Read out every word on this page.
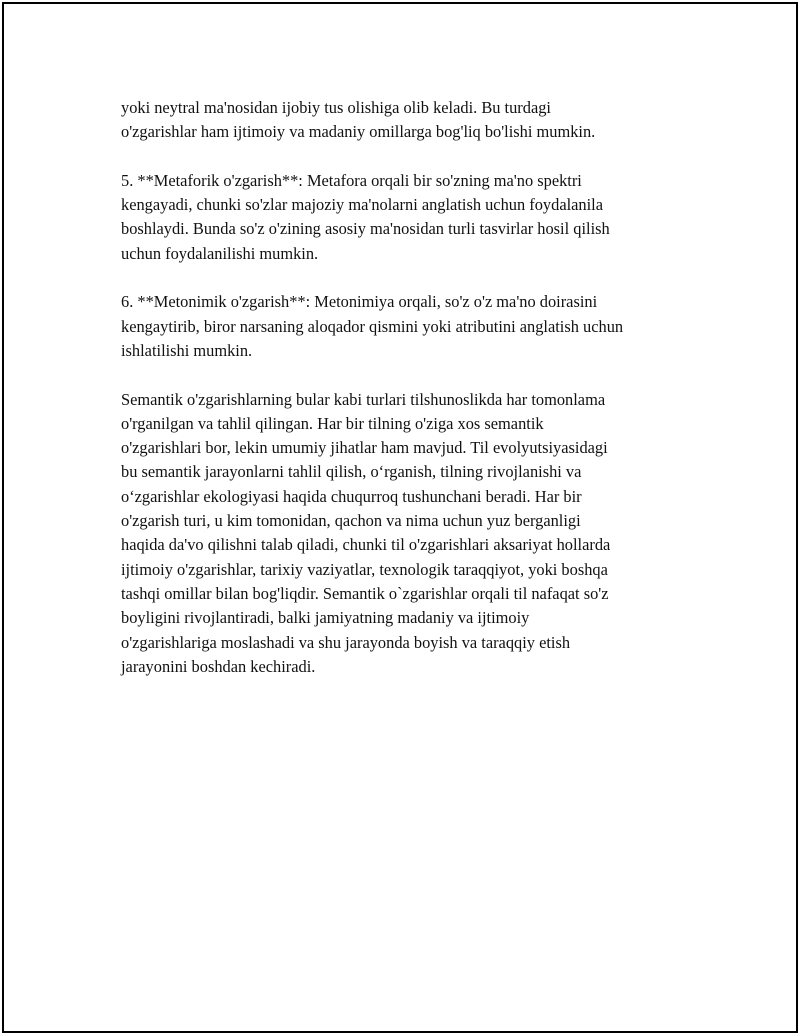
yoki neytral ma'nosidan ijobiy tus olishiga olib keladi. Bu turdagi
o'zgarishlar ham ijtimoiy va madaniy omillarga bog'liq bo'lishi mumkin.

5. **Metaforik o'zgarish**: Metafora orqali bir so'zning ma'no spektri
kengayadi, chunki so'zlar majoziy ma'nolarni anglatish uchun foydalanila
boshlaydi. Bunda so'z o'zining asosiy ma'nosidan turli tasvirlar hosil qilish
uchun foydalanilishi mumkin.

6. **Metonimik o'zgarish**: Metonimiya orqali, so'z o'z ma'no doirasini
kengaytirib, biror narsaning aloqador qismini yoki atributini anglatish uchun
ishlatilishi mumkin.

Semantik o'zgarishlarning bular kabi turlari tilshunoslikda har tomonlama
o'rganilgan va tahlil qilingan. Har bir tilning o'ziga xos semantik
o'zgarishlari bor, lekin umumiy jihatlar ham mavjud. Til evolyutsiyasidagi
bu semantik jarayonlarni tahlil qilish, o‘rganish, tilning rivojlanishi va
o‘zgarishlar ekologiyasi haqida chuqurroq tushunchani beradi. Har bir
o'zgarish turi, u kim tomonidan, qachon va nima uchun yuz berganligi
haqida da'vo qilishni talab qiladi, chunki til o'zgarishlari aksariyat hollarda
ijtimoiy o'zgarishlar, tarixiy vaziyatlar, texnologik taraqqiyot, yoki boshqa
tashqi omillar bilan bog'liqdir. Semantik o`zgarishlar orqali til nafaqat so'z
boyligini rivojlantiradi, balki jamiyatning madaniy va ijtimoiy
o'zgarishlariga moslashadi va shu jarayonda boyish va taraqqiy etish
jarayonini boshdan kechiradi.
